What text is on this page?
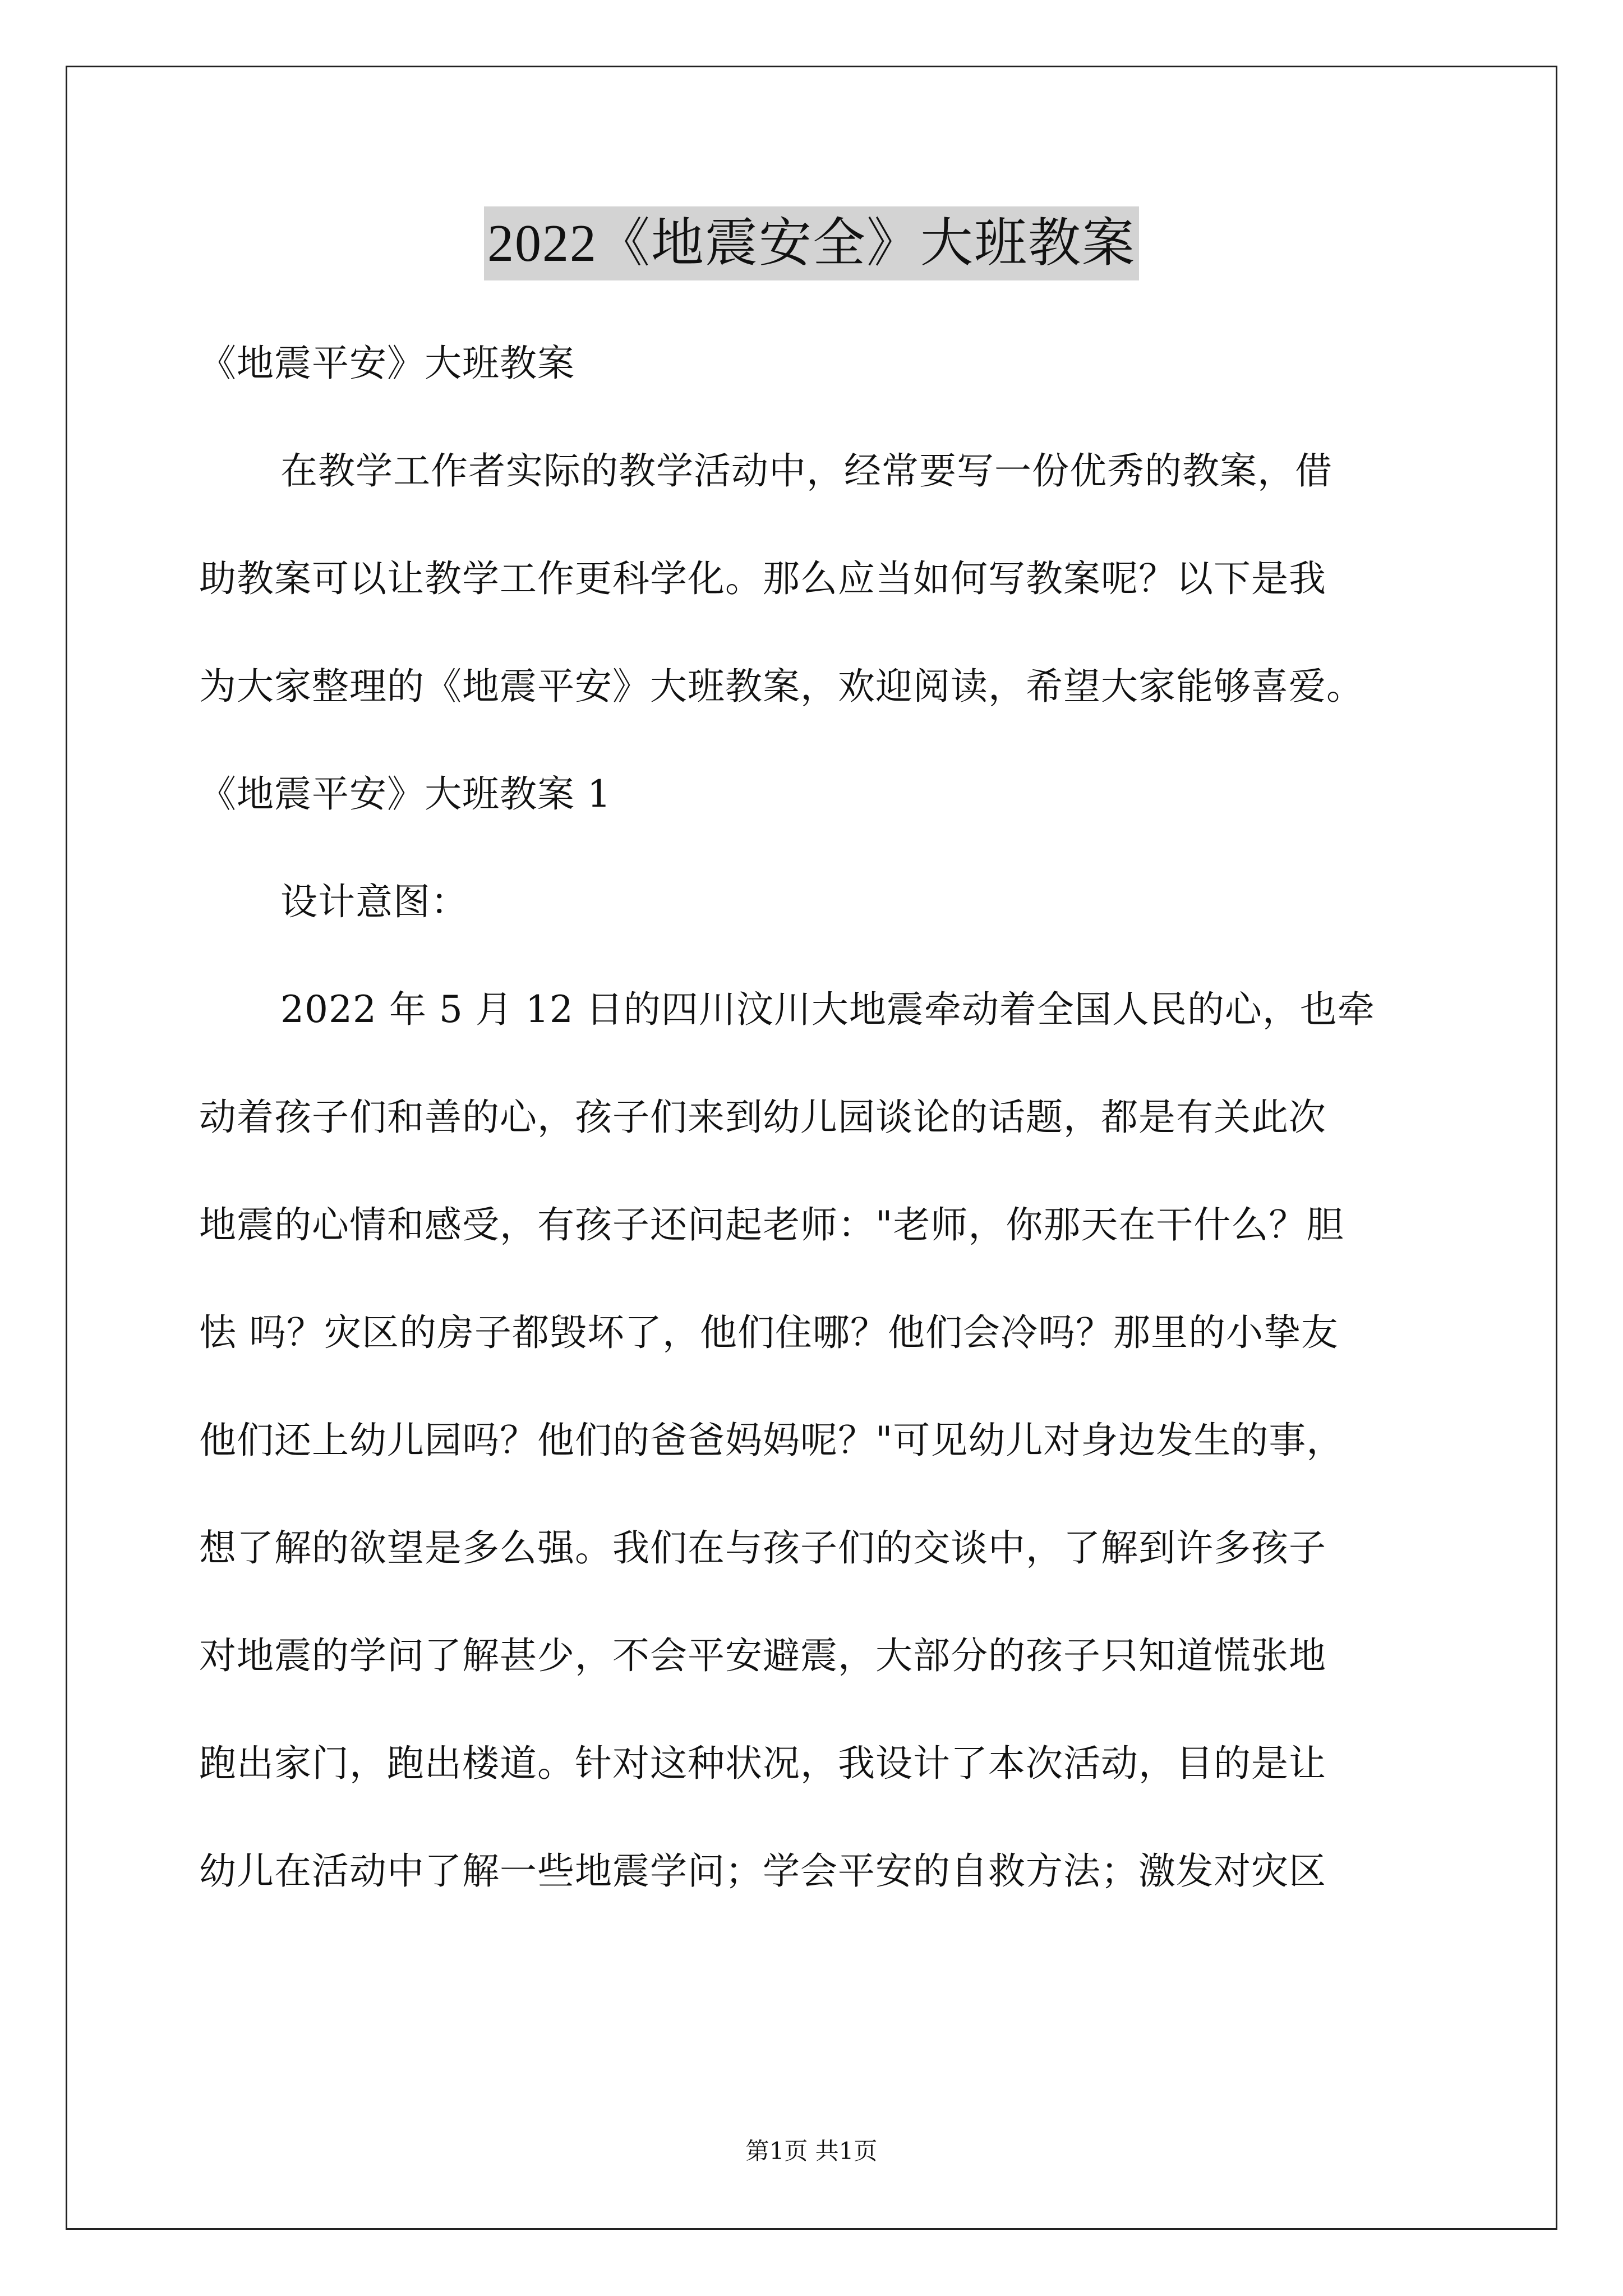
2022《地震安全》大班教案
《地震平安》大班教案
在教学工作者实际的教学活动中，经常要写一份优秀的教案，借
助教案可以让教学工作更科学化。那么应当如何写教案呢？以下是我
为大家整理的《地震平安》大班教案，欢迎阅读，希望大家能够喜爱。
《地震平安》大班教案 1
设计意图：
2022 年 5 月 12 日的四川汶川大地震牵动着全国人民的心，也牵
动着孩子们和善的心，孩子们来到幼儿园谈论的话题，都是有关此次
地震的心情和感受，有孩子还问起老师："老师，你那天在干什么？胆
怯 吗？灾区的房子都毁坏了，他们住哪？他们会冷吗？那里的小挚友
他们还上幼儿园吗？他们的爸爸妈妈呢？"可见幼儿对身边发生的事，
想了解的欲望是多么强。我们在与孩子们的交谈中，了解到许多孩子
对地震的学问了解甚少，不会平安避震，大部分的孩子只知道慌张地
跑出家门，跑出楼道。针对这种状况，我设计了本次活动，目的是让
幼儿在活动中了解一些地震学问；学会平安的自救方法；激发对灾区
第1页 共1页
